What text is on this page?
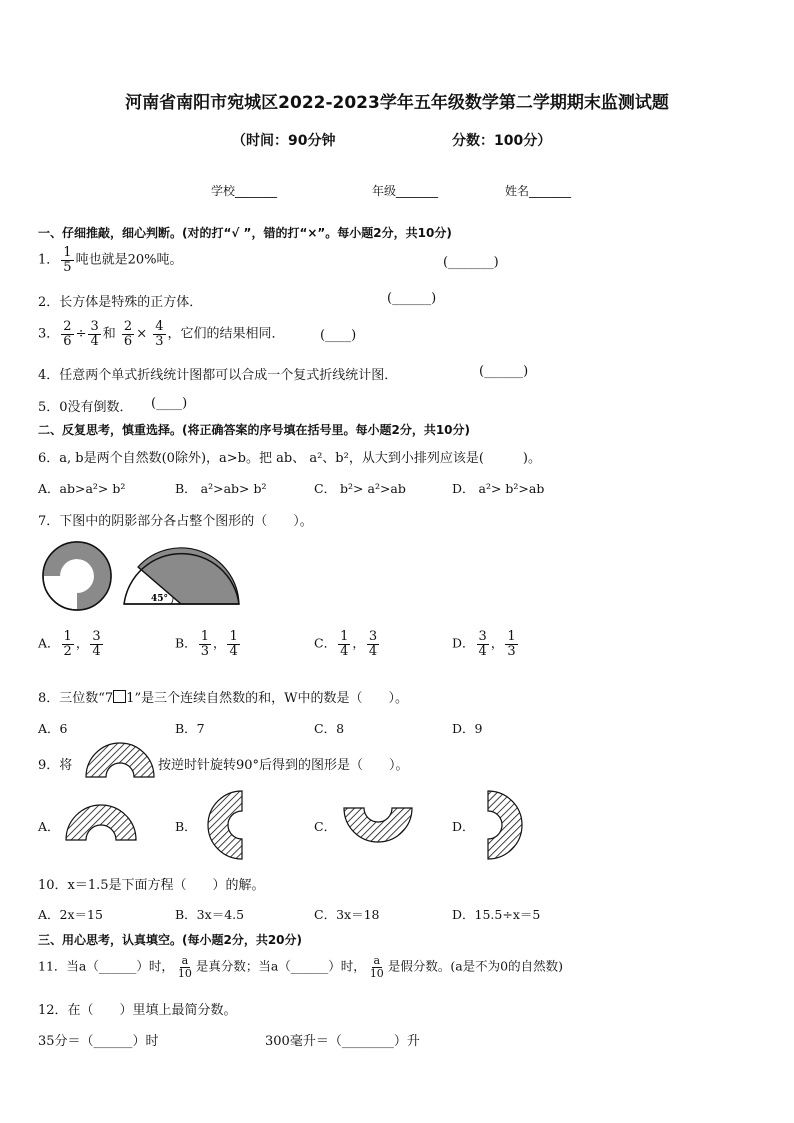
河南省南阳市宛城区2022-2023学年五年级数学第二学期期末监测试题
（时间：90分钟	分数：100分）
学校_______	年级_______	姓名_______
一、仔细推敲，细心判断。(对的打“√ ”，错的打“×”。每小题2分，共10分)
1． $\frac{1}{5}$ 吨也就是20%吨。	(_______)
2．长方体是特殊的正方体．	(______)
3． $\frac{2}{6} \div \frac{3}{4}$ 和 $\frac{2}{6} \times \frac{4}{3}$ ，它们的结果相同．	(____)
4．任意两个单式折线统计图都可以合成一个复式折线统计图．	(______)
5．0没有倒数． (____)
二、反复思考，慎重选择。(将正确答案的序号填在括号里。每小题2分，共10分)
6．a, b是两个自然数(0除外)，a>b。把 ab、 a²、b²，从大到小排列应该是(　　　)。
A．ab>a²> b²	B． a²>ab> b²	C． b²> a²>ab	D． a²> b²>ab
7．下图中的阴影部分各占整个图形的（　　）。
45°
A． $\frac{1}{2}$ ， $\frac{3}{4}$	B． $\frac{1}{3}$ ， $\frac{1}{4}$	C． $\frac{1}{4}$ ， $\frac{3}{4}$	D． $\frac{3}{4}$ ， $\frac{1}{3}$
8．三位数“7 1”是三个连续自然数的和，W中的数是（　　）。
A．6	B．7	C．8	D．9
9．将	按逆时针旋转90°后得到的图形是（　　）。
A．	B．	C．	D．
10．x＝1.5是下面方程（　　）的解。
A．2x＝15	B．3x＝4.5	C．3x＝18	D．15.5÷x＝5
三、用心思考，认真填空。(每小题2分，共20分)
11．当a（______）时， $\frac{a}{10}$ 是真分数；当a（______）时， $\frac{a}{10}$ 是假分数。(a是不为0的自然数)
12．在（　　）里填上最简分数。
35分＝（______）时	300毫升＝（________）升
